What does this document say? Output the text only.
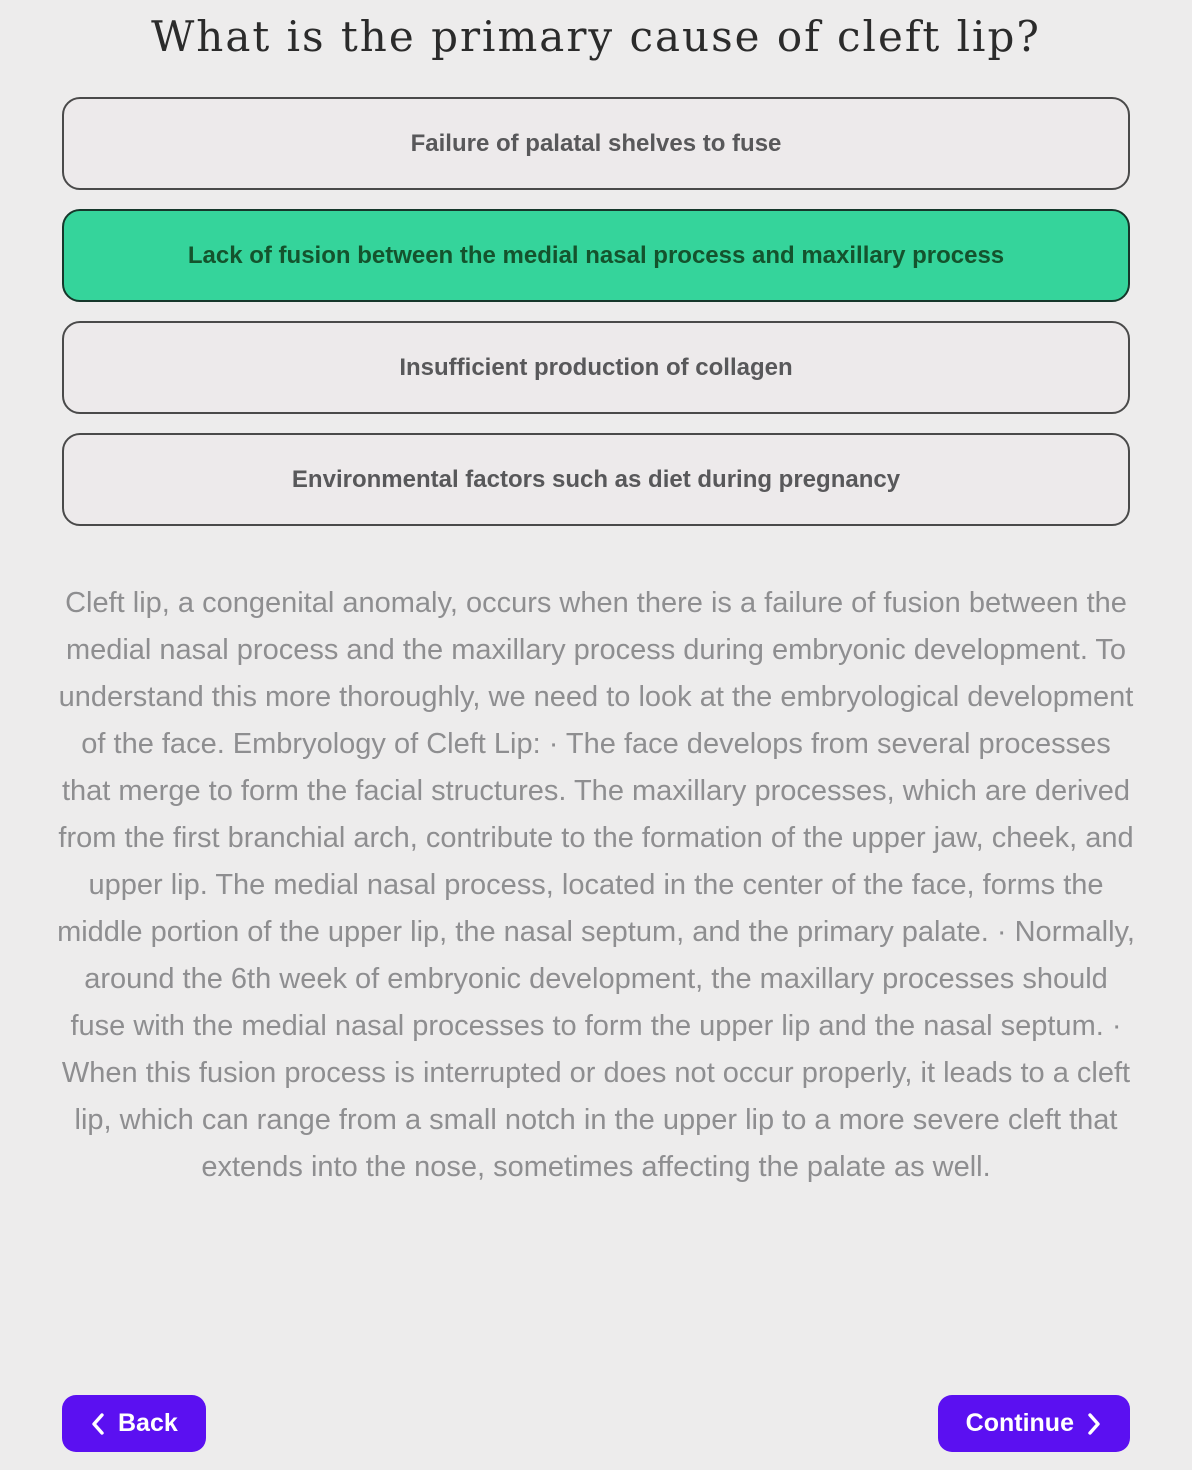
What is the primary cause of cleft lip?
Failure of palatal shelves to fuse
Lack of fusion between the medial nasal process and maxillary process
Insufficient production of collagen
Environmental factors such as diet during pregnancy

Cleft lip, a congenital anomaly, occurs when there is a failure of fusion between the medial nasal process and the maxillary process during embryonic development. To understand this more thoroughly, we need to look at the embryological development of the face. Embryology of Cleft Lip: · The face develops from several processes that merge to form the facial structures. The maxillary processes, which are derived from the first branchial arch, contribute to the formation of the upper jaw, cheek, and upper lip. The medial nasal process, located in the center of the face, forms the middle portion of the upper lip, the nasal septum, and the primary palate. · Normally, around the 6th week of embryonic development, the maxillary processes should fuse with the medial nasal processes to form the upper lip and the nasal septum. · When this fusion process is interrupted or does not occur properly, it leads to a cleft lip, which can range from a small notch in the upper lip to a more severe cleft that extends into the nose, sometimes affecting the palate as well.

Back	Continue
